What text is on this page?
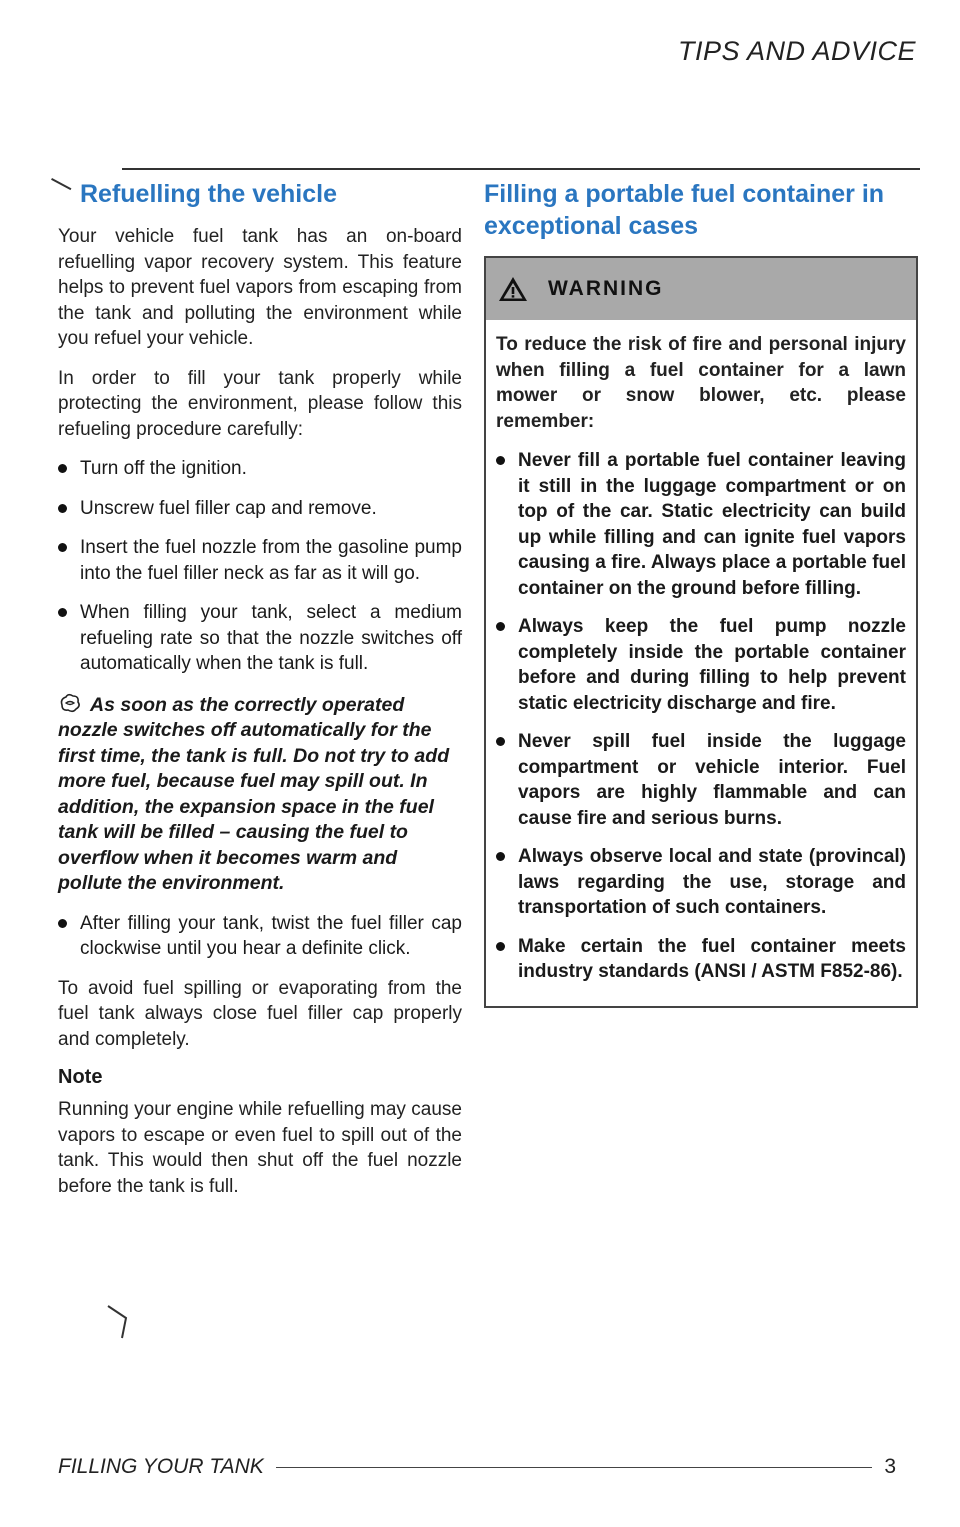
TIPS AND ADVICE
Refuelling the vehicle

Your vehicle fuel tank has an on-board refuelling vapor recovery system. This feature helps to prevent fuel vapors from escaping from the tank and polluting the environment while you refuel your vehicle.

In order to fill your tank properly while protecting the environment, please follow this refueling procedure carefully:

Turn off the ignition.
Unscrew fuel filler cap and remove.
Insert the fuel nozzle from the gasoline pump into the fuel filler neck as far as it will go.
When filling your tank, select a medium refueling rate so that the nozzle switches off automatically when the tank is full.
As soon as the correctly operated nozzle switches off automatically for the first time, the tank is full. Do not try to add more fuel, because fuel may spill out. In addition, the expansion space in the fuel tank will be filled – causing the fuel to overflow when it becomes warm and pollute the environment.
After filling your tank, twist the fuel filler cap clockwise until you hear a definite click.

To avoid fuel spilling or evaporating from the fuel tank always close fuel filler cap properly and completely.

Note

Running your engine while refuelling may cause vapors to escape or even fuel to spill out of the tank. This would then shut off the fuel nozzle before the tank is full.

Filling a portable fuel container in exceptional cases
WARNING

To reduce the risk of fire and personal injury when filling a fuel container for a lawn mower or snow blower, etc. please remember:

Never fill a portable fuel container leaving it still in the luggage compartment or on top of the car. Static electricity can build up while filling and can ignite fuel vapors causing a fire. Always place a portable fuel container on the ground before filling.
Always keep the fuel pump nozzle completely inside the portable container before and during filling to help prevent static electricity discharge and fire.
Never spill fuel inside the luggage compartment or vehicle interior. Fuel vapors are highly flammable and can cause fire and serious burns.
Always observe local and state (provincal) laws regarding the use, storage and transportation of such containers.
Make certain the fuel container meets industry standards (ANSI / ASTM F852-86).
FILLING YOUR TANK	3
